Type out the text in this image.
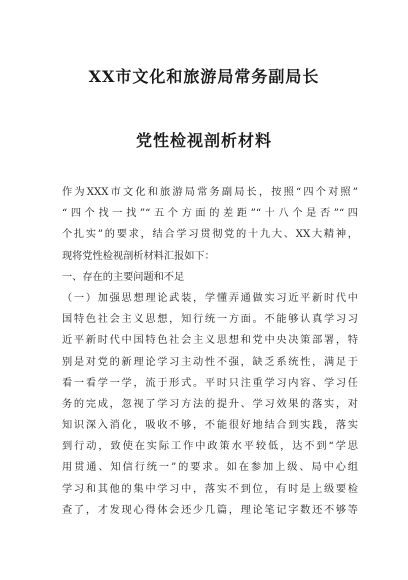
XX市文化和旅游局常务副局长
党性检视剖析材料
作为XXX市文化和旅游局常务副局长，按照“四个对照”
“四个找一找”“五个方面的差距”“十八个是否”“四
个扎实”的要求，结合学习贯彻党的十九大、XX大精神，
现将党性检视剖析材料汇报如下：
一、存在的主要问题和不足
（一）加强思想理论武装，学懂弄通做实习近平新时代中
国特色社会主义思想，知行统一方面。不能够认真学习习
近平新时代中国特色社会主义思想和党中央决策部署，特
别是对党的新理论学习主动性不强，缺乏系统性，满足于
看一看学一学，流于形式。平时只注重学习内容、学习任
务的完成，忽视了学习方法的提升、学习效果的落实，对
知识深入消化，吸收不够，不能很好地结合到实践，落实
到行动，致使在实际工作中政策水平较低，达不到“学思
用贯通、知信行统一”的要求。如在参加上级、局中心组
学习和其他的集中学习中，落实不到位，有时是上级要检
查了，才发现心得体会还少几篇，理论笔记字数还不够等
